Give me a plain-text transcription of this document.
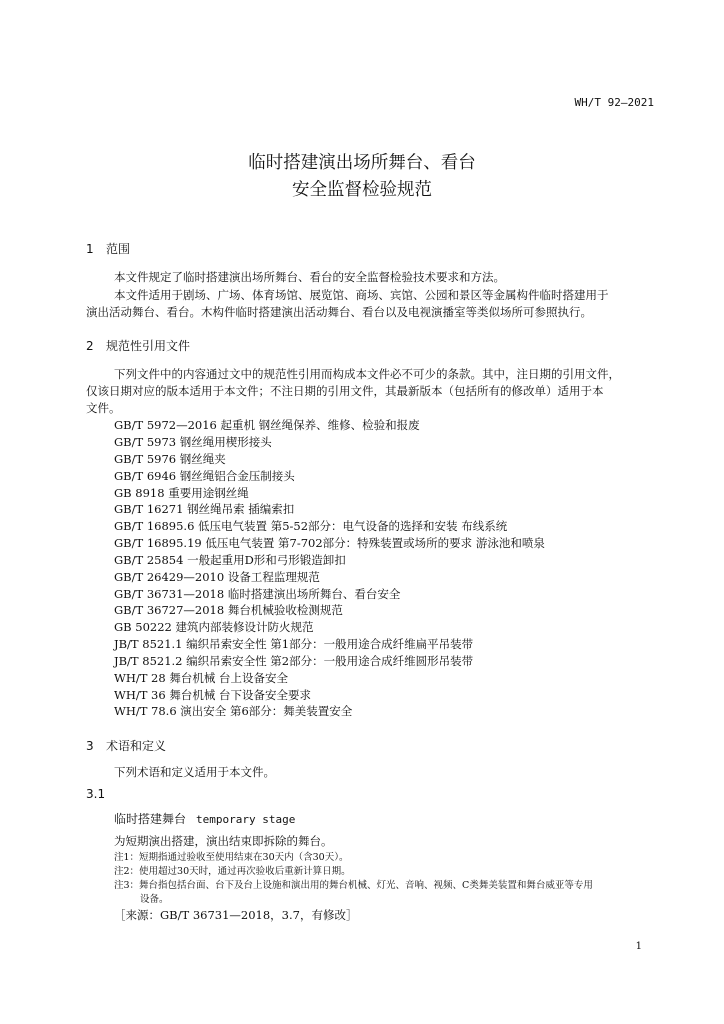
WH/T 92—2021
临时搭建演出场所舞台、看台
安全监督检验规范
1 范围
本文件规定了临时搭建演出场所舞台、看台的安全监督检验技术要求和方法。
本文件适用于剧场、广场、体育场馆、展览馆、商场、宾馆、公园和景区等金属构件临时搭建用于
演出活动舞台、看台。木构件临时搭建演出活动舞台、看台以及电视演播室等类似场所可参照执行。
2 规范性引用文件
下列文件中的内容通过文中的规范性引用而构成本文件必不可少的条款。其中，注日期的引用文件，
仅该日期对应的版本适用于本文件；不注日期的引用文件，其最新版本（包括所有的修改单）适用于本
文件。
GB/T 5972—2016 起重机 钢丝绳保养、维修、检验和报废
GB/T 5973 钢丝绳用楔形接头
GB/T 5976 钢丝绳夹
GB/T 6946 钢丝绳铝合金压制接头
GB 8918 重要用途钢丝绳
GB/T 16271 钢丝绳吊索 插编索扣
GB/T 16895.6 低压电气装置 第5-52部分：电气设备的选择和安装 布线系统
GB/T 16895.19 低压电气装置 第7-702部分：特殊装置或场所的要求 游泳池和喷泉
GB/T 25854 一般起重用D形和弓形锻造卸扣
GB/T 26429—2010 设备工程监理规范
GB/T 36731—2018 临时搭建演出场所舞台、看台安全
GB/T 36727—2018 舞台机械验收检测规范
GB 50222 建筑内部装修设计防火规范
JB/T 8521.1 编织吊索安全性 第1部分：一般用途合成纤维扁平吊装带
JB/T 8521.2 编织吊索安全性 第2部分：一般用途合成纤维圆形吊装带
WH/T 28 舞台机械 台上设备安全
WH/T 36 舞台机械 台下设备安全要求
WH/T 78.6 演出安全 第6部分：舞美装置安全
3 术语和定义
下列术语和定义适用于本文件。
3.1
临时搭建舞台 temporary stage
为短期演出搭建，演出结束即拆除的舞台。
注1：短期指通过验收至使用结束在30天内（含30天）。
注2：使用超过30天时，通过再次验收后重新计算日期。
注3：舞台指包括台面、台下及台上设施和演出用的舞台机械、灯光、音响、视频、C类舞美装置和舞台威亚等专用
设备。
［来源：GB/T 36731—2018，3.7，有修改］
1
